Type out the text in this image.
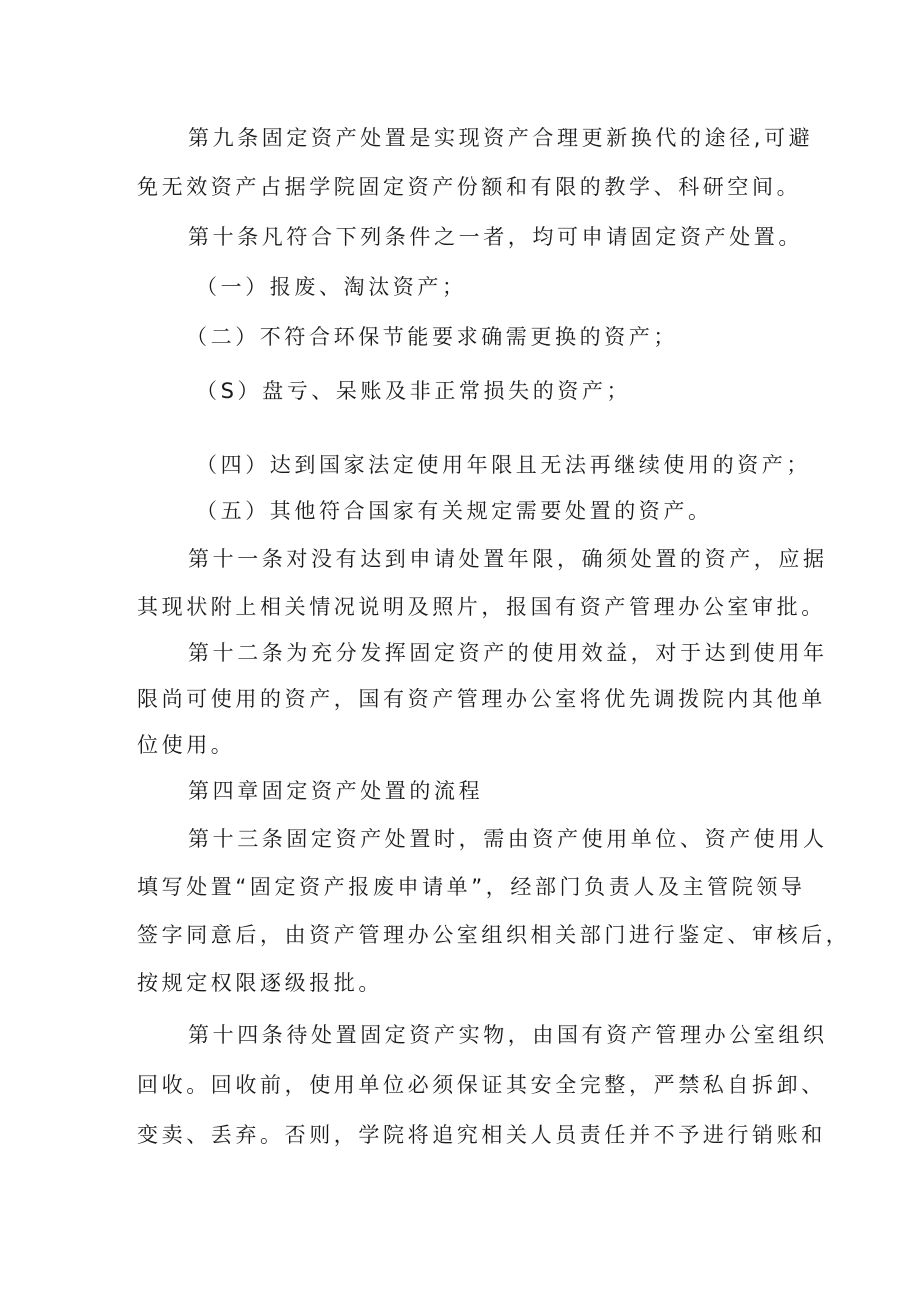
第九条固定资产处置是实现资产合理更新换代的途径,可避
免无效资产占据学院固定资产份额和有限的教学、科研空间。
第十条凡符合下列条件之一者，均可申请固定资产处置。
（一）报废、淘汰资产；
（二）不符合环保节能要求确需更换的资产；
（S）盘亏、呆账及非正常损失的资产；
（四）达到国家法定使用年限且无法再继续使用的资产；
（五）其他符合国家有关规定需要处置的资产。
第十一条对没有达到申请处置年限，确须处置的资产，应据
其现状附上相关情况说明及照片，报国有资产管理办公室审批。
第十二条为充分发挥固定资产的使用效益，对于达到使用年
限尚可使用的资产，国有资产管理办公室将优先调拨院内其他单
位使用。
第四章固定资产处置的流程
第十三条固定资产处置时，需由资产使用单位、资产使用人
填写处置“固定资产报废申请单”，经部门负责人及主管院领导
签字同意后，由资产管理办公室组织相关部门进行鉴定、审核后，
按规定权限逐级报批。
第十四条待处置固定资产实物，由国有资产管理办公室组织
回收。回收前，使用单位必须保证其安全完整，严禁私自拆卸、
变卖、丢弃。否则，学院将追究相关人员责任并不予进行销账和
